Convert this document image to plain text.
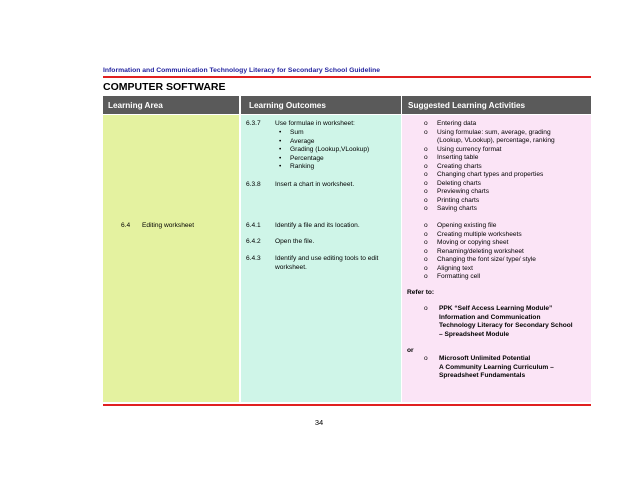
Information and Communication Technology Literacy for Secondary School Guideline
COMPUTER SOFTWARE
Learning Area	Learning Outcomes	Suggested Learning Activities
6.4 Editing worksheet
6.3.7 Use formulae in worksheet:
• Sum
• Average
• Grading (Lookup,VLookup)
• Percentage
• Ranking
6.3.8 Insert a chart in worksheet.
6.4.1 Identify a file and its location.
6.4.2 Open the file.
6.4.3 Identify and use editing tools to edit
worksheet.
o Entering data
o Using formulae: sum, average, grading
(Lookup, VLookup), percentage, ranking
o Using currency format
o Inserting table
o Creating charts
o Changing chart types and properties
o Deleting charts
o Previewing charts
o Printing charts
o Saving charts
o Opening existing file
o Creating multiple worksheets
o Moving or copying sheet
o Renaming/deleting worksheet
o Changing the font size/ type/ style
o Aligning text
o Formatting cell
Refer to:
o PPK “Self Access Learning Module”
Information and Communication
Technology Literacy for Secondary School
– Spreadsheet Module
or
o Microsoft Unlimited Potential
A Community Learning Curriculum –
Spreadsheet Fundamentals
34
